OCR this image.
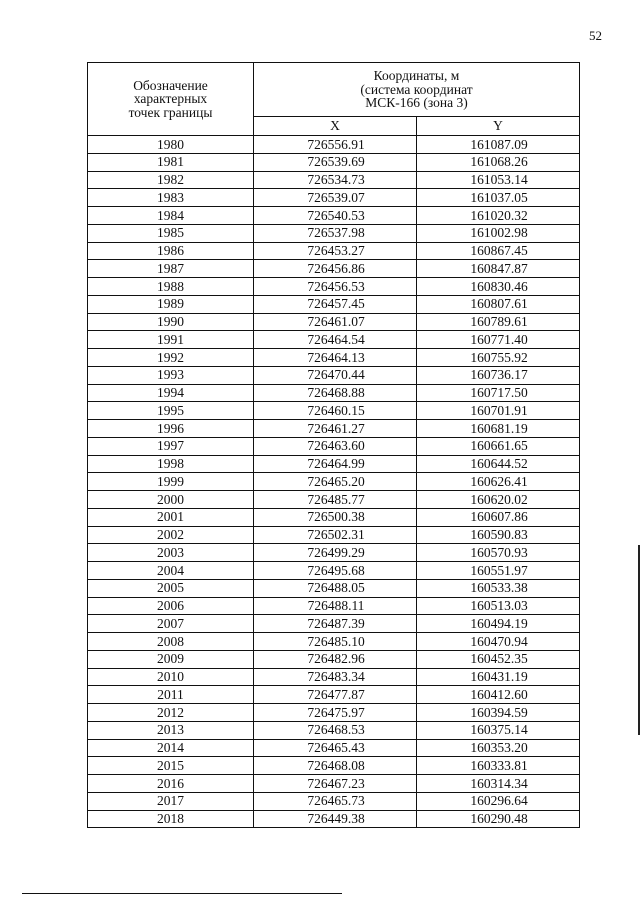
52
Обозначение
характерных
точек границы	Координаты, м
(система координат
МСК-166 (зона 3)	
	X	Y
1980	726556.91	161087.09
1981	726539.69	161068.26
1982	726534.73	161053.14
1983	726539.07	161037.05
1984	726540.53	161020.32
1985	726537.98	161002.98
1986	726453.27	160867.45
1987	726456.86	160847.87
1988	726456.53	160830.46
1989	726457.45	160807.61
1990	726461.07	160789.61
1991	726464.54	160771.40
1992	726464.13	160755.92
1993	726470.44	160736.17
1994	726468.88	160717.50
1995	726460.15	160701.91
1996	726461.27	160681.19
1997	726463.60	160661.65
1998	726464.99	160644.52
1999	726465.20	160626.41
2000	726485.77	160620.02
2001	726500.38	160607.86
2002	726502.31	160590.83
2003	726499.29	160570.93
2004	726495.68	160551.97
2005	726488.05	160533.38
2006	726488.11	160513.03
2007	726487.39	160494.19
2008	726485.10	160470.94
2009	726482.96	160452.35
2010	726483.34	160431.19
2011	726477.87	160412.60
2012	726475.97	160394.59
2013	726468.53	160375.14
2014	726465.43	160353.20
2015	726468.08	160333.81
2016	726467.23	160314.34
2017	726465.73	160296.64
2018	726449.38	160290.48
